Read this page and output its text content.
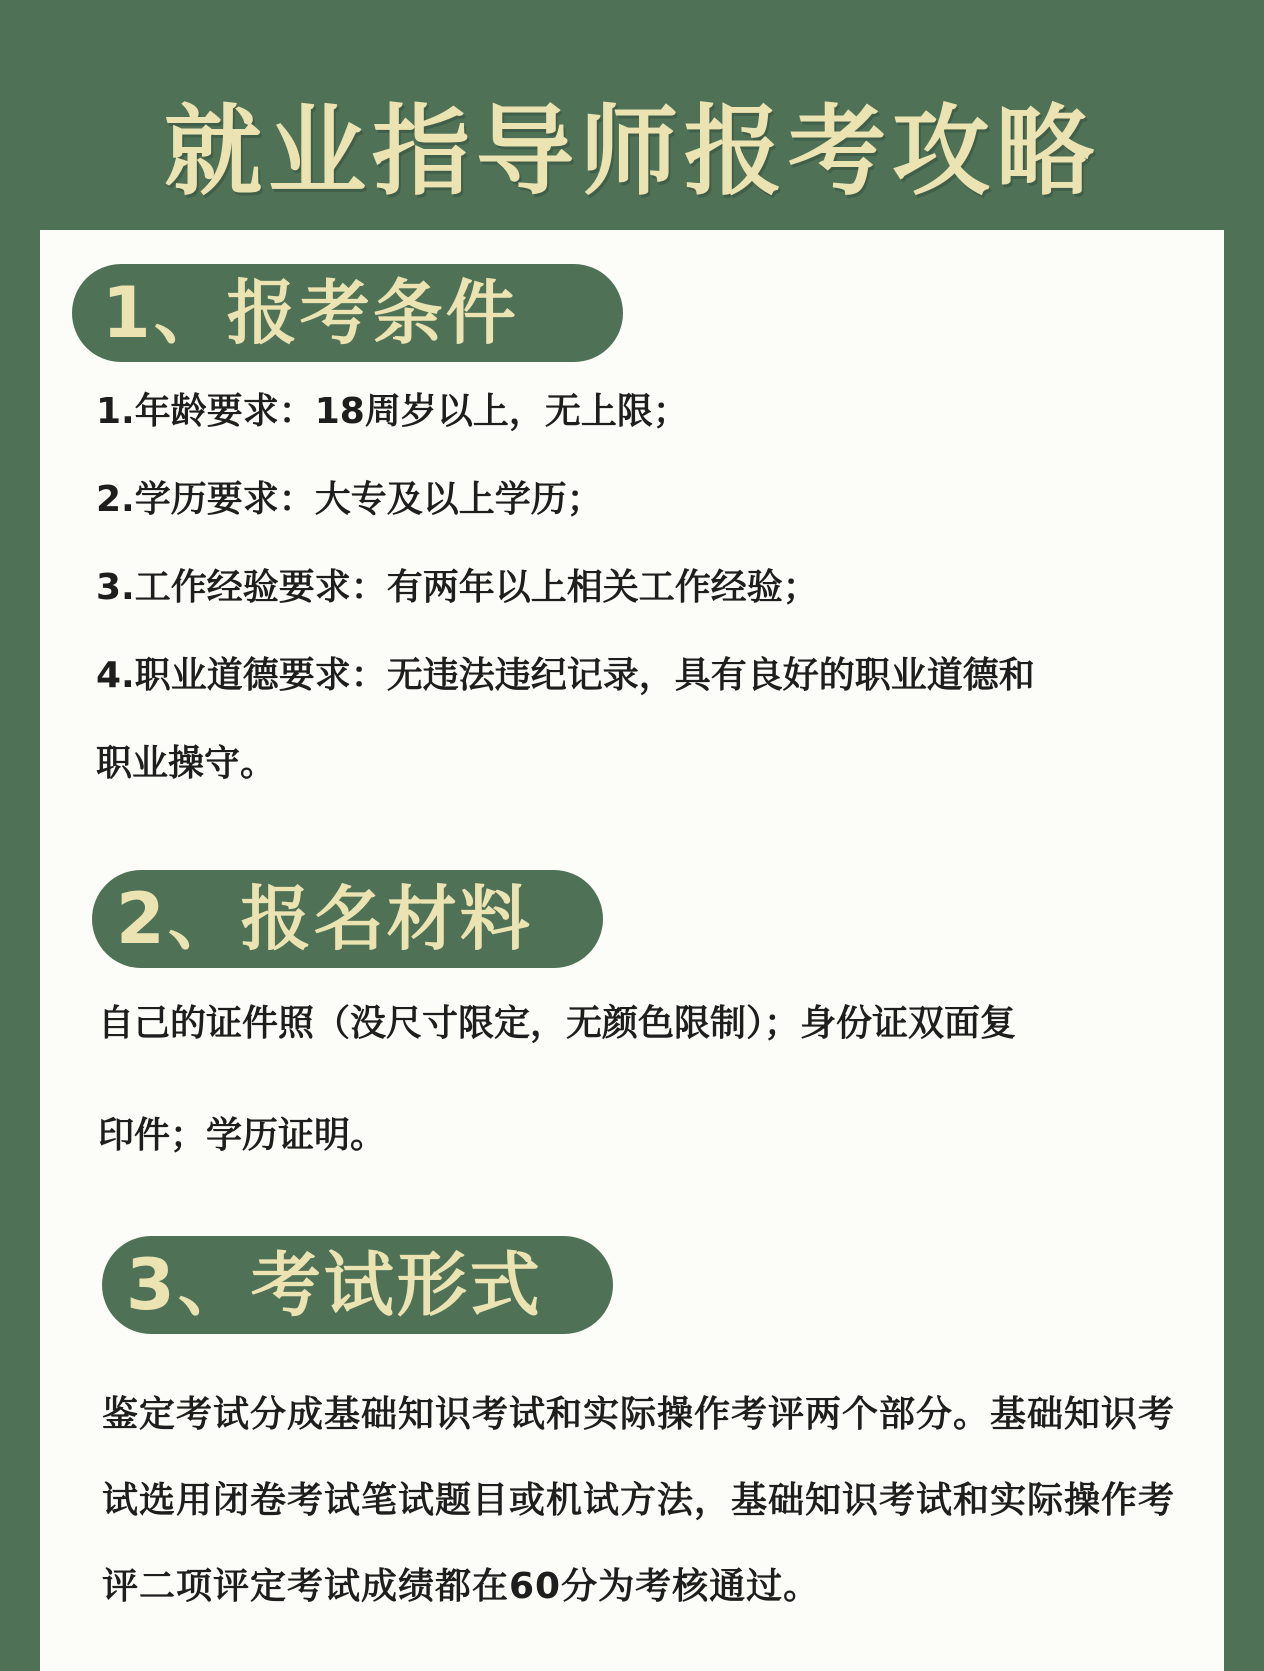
就业指导师报考攻略
1、报考条件
1.年龄要求：18周岁以上，无上限；
2.学历要求：大专及以上学历；
3.工作经验要求：有两年以上相关工作经验；
4.职业道德要求：无违法违纪记录，具有良好的职业道德和
职业操守。
2、报名材料
自己的证件照（没尺寸限定，无颜色限制）；身份证双面复
印件；学历证明。
3、考试形式
鉴定考试分成基础知识考试和实际操作考评两个部分。基础知识考试选用闭卷考试笔试题目或机试方法，基础知识考试和实际操作考评二项评定考试成绩都在60分为考核通过。
